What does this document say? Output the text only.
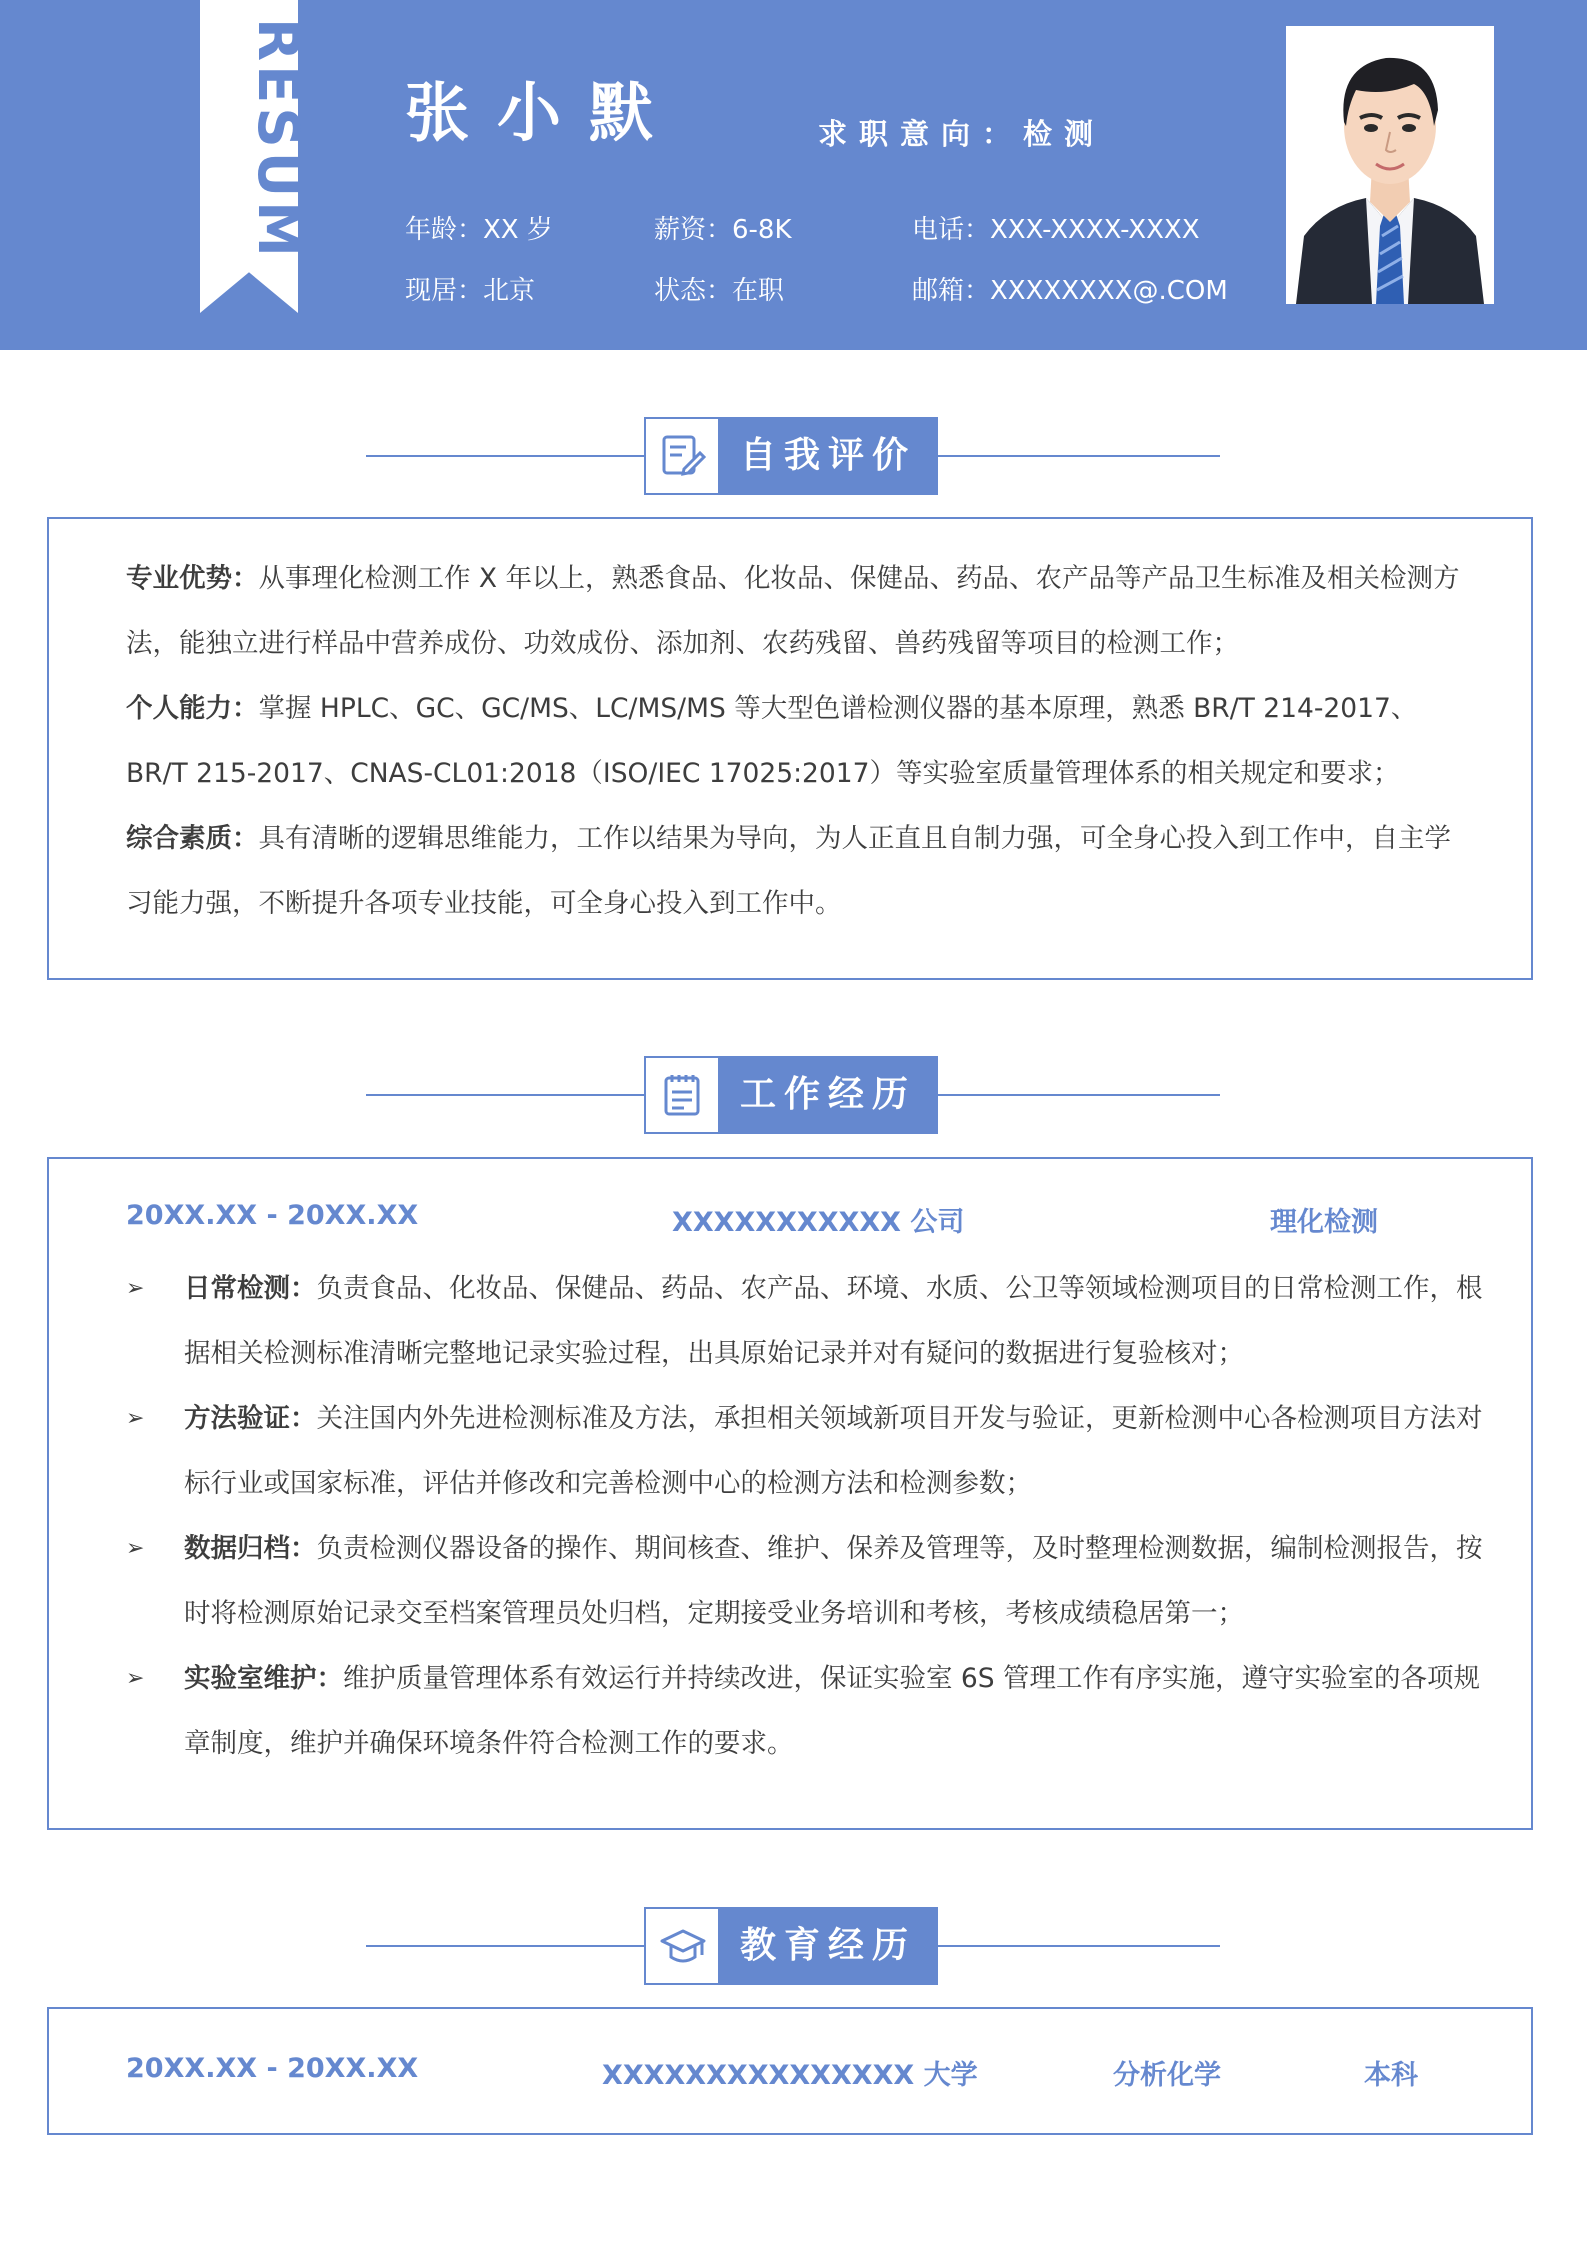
RESUM 张小默	求职意向：检测
年龄：XX 岁	薪资：6-8K	电话：XXX-XXXX-XXXX
现居：北京	状态：在职	邮箱：XXXXXXXX@.COM
自我评价
专业优势：从事理化检测工作 X 年以上，熟悉食品、化妆品、保健品、药品、农产品等产品卫生标准及相关检测方法，能独立进行样品中营养成份、功效成份、添加剂、农药残留、兽药残留等项目的检测工作；
个人能力：掌握 HPLC、GC、GC/MS、LC/MS/MS 等大型色谱检测仪器的基本原理，熟悉 BR/T 214-2017、BR/T 215-2017、CNAS-CL01:2018（ISO/IEC 17025:2017）等实验室质量管理体系的相关规定和要求；
综合素质：具有清晰的逻辑思维能力，工作以结果为导向，为人正直且自制力强，可全身心投入到工作中，自主学习能力强，不断提升各项专业技能，可全身心投入到工作中。
工作经历
20XX.XX - 20XX.XX	XXXXXXXXXXX 公司	理化检测
➢ 日常检测：负责食品、化妆品、保健品、药品、农产品、环境、水质、公卫等领域检测项目的日常检测工作，根据相关检测标准清晰完整地记录实验过程，出具原始记录并对有疑问的数据进行复验核对；
➢ 方法验证：关注国内外先进检测标准及方法，承担相关领域新项目开发与验证，更新检测中心各检测项目方法对标行业或国家标准，评估并修改和完善检测中心的检测方法和检测参数；
➢ 数据归档：负责检测仪器设备的操作、期间核查、维护、保养及管理等，及时整理检测数据，编制检测报告，按时将检测原始记录交至档案管理员处归档，定期接受业务培训和考核，考核成绩稳居第一；
➢ 实验室维护：维护质量管理体系有效运行并持续改进，保证实验室 6S 管理工作有序实施，遵守实验室的各项规章制度，维护并确保环境条件符合检测工作的要求。
教育经历
20XX.XX - 20XX.XX	XXXXXXXXXXXXXXX 大学	分析化学	本科
